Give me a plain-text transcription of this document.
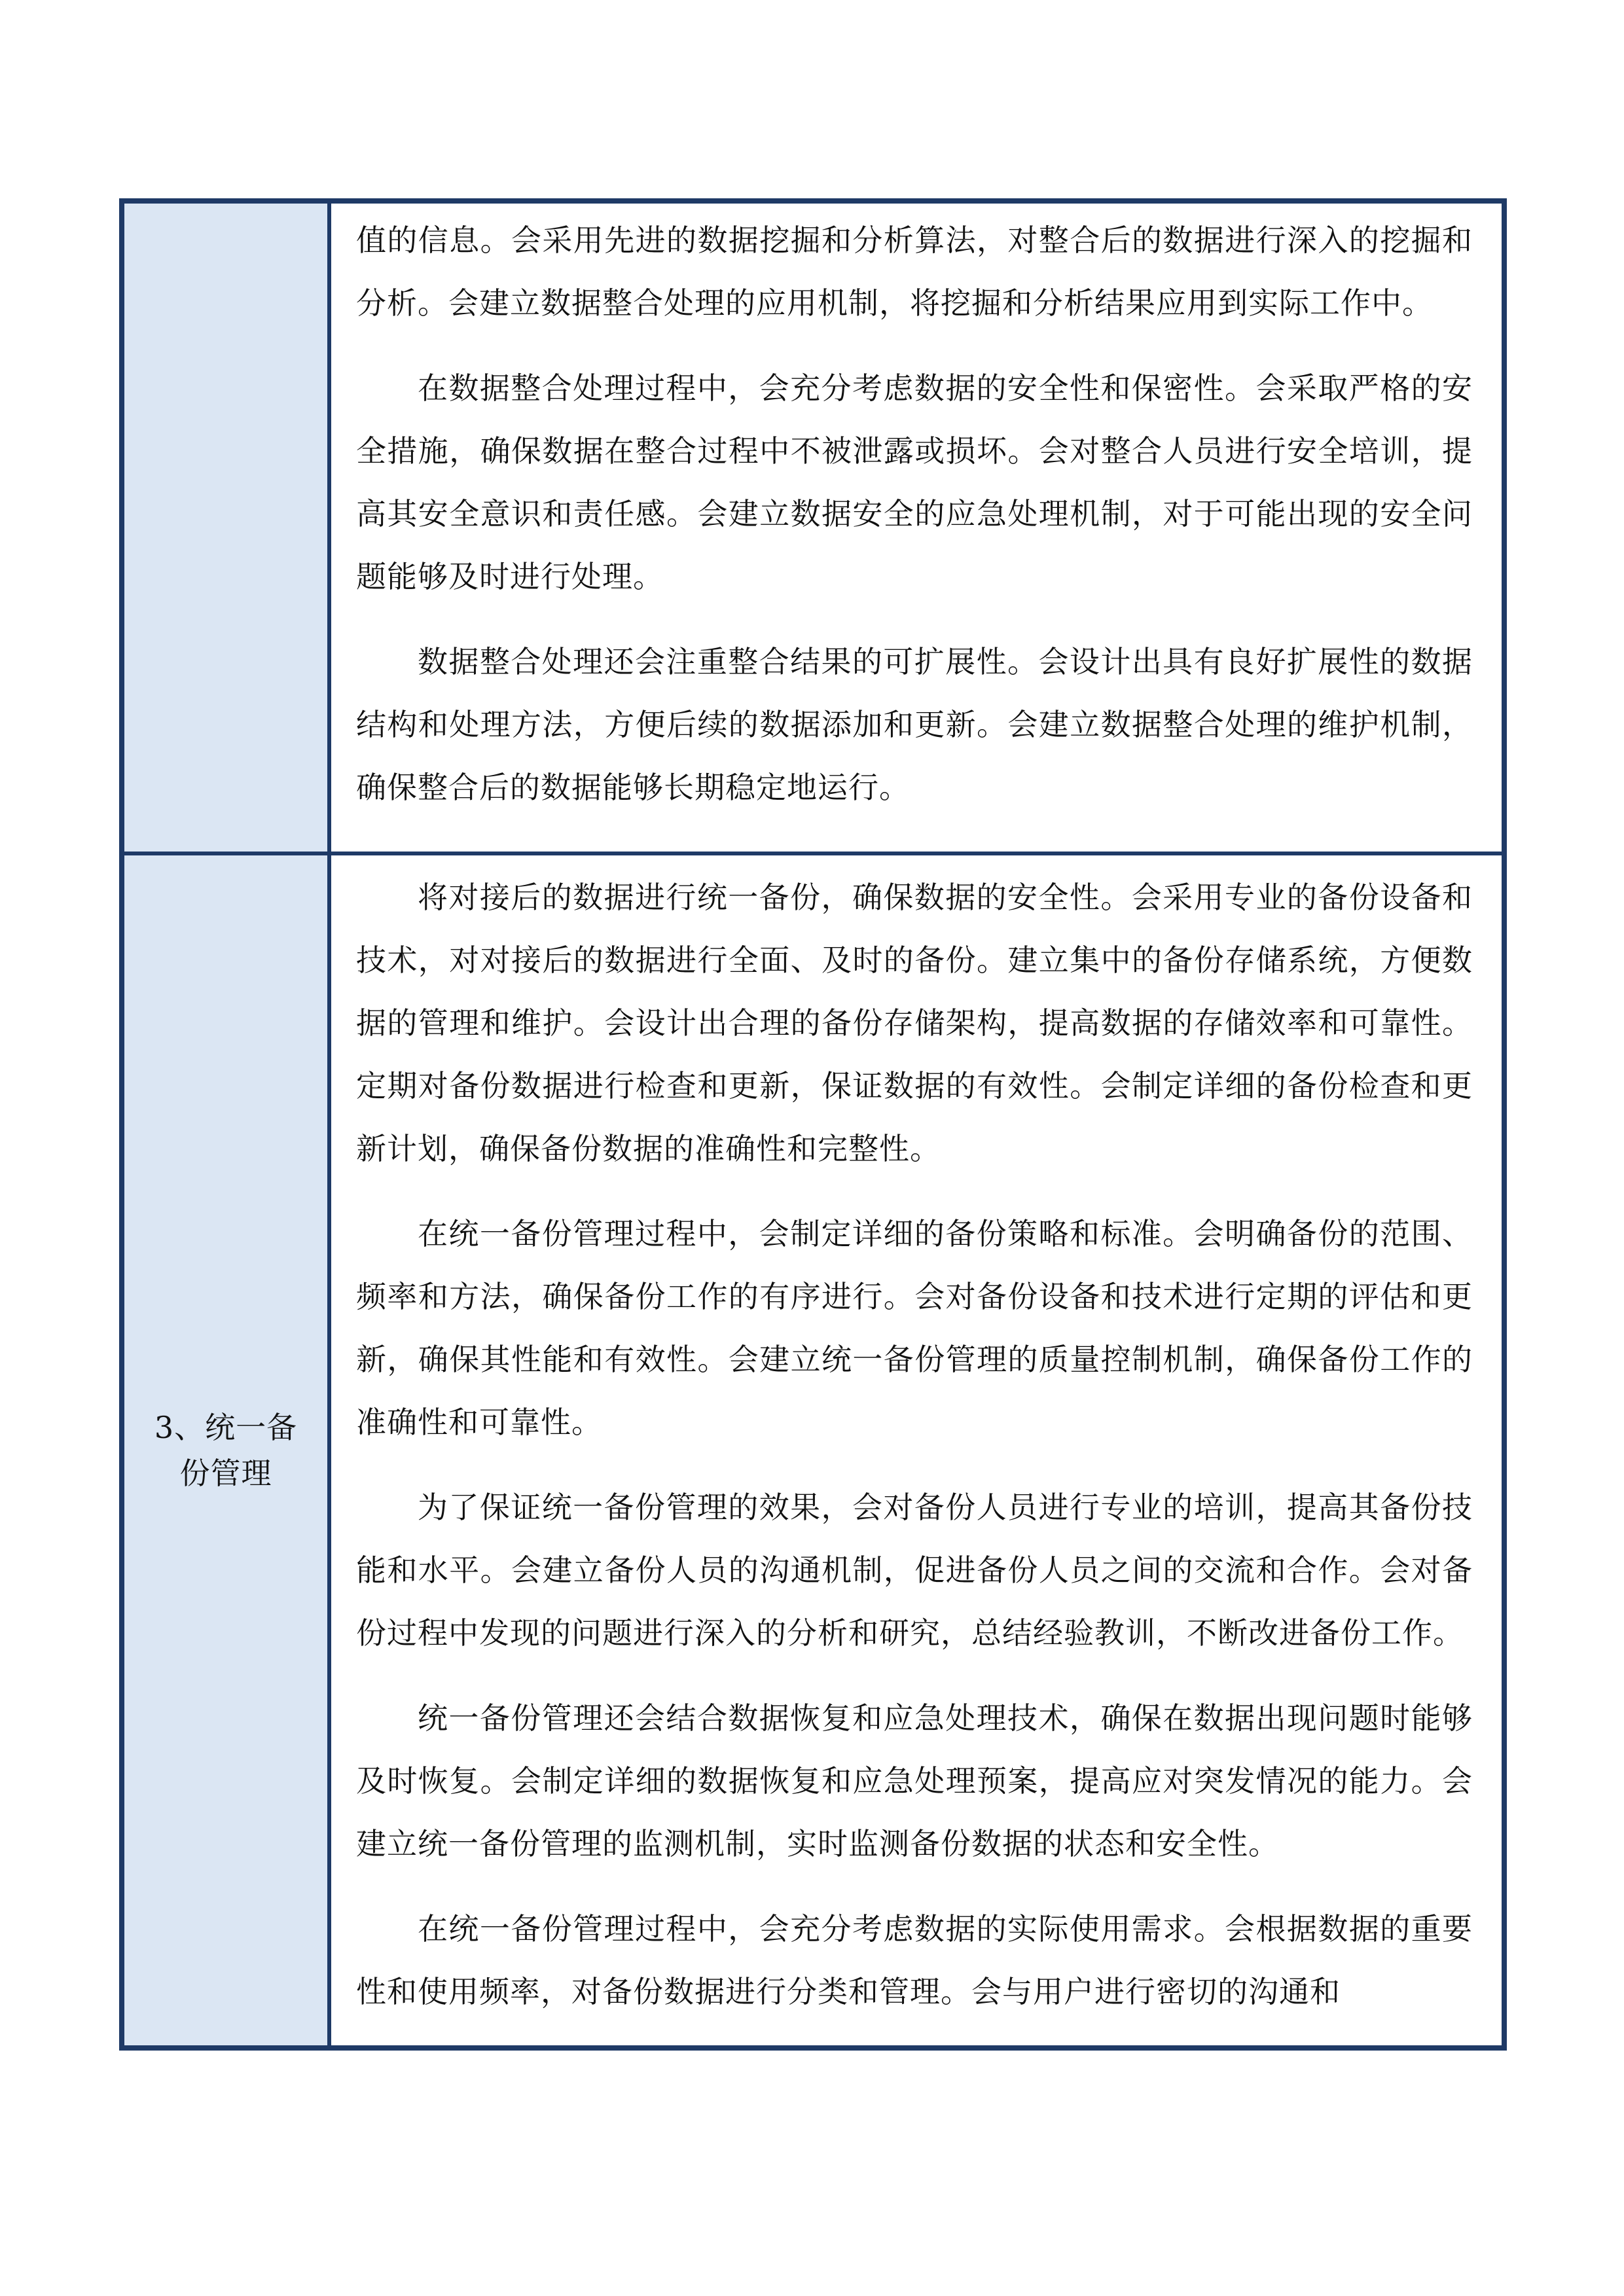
值的信息。会采用先进的数据挖掘和分析算法，对整合后的数据进行深入的挖掘和分析。会建立数据整合处理的应用机制，将挖掘和分析结果应用到实际工作中。

在数据整合处理过程中，会充分考虑数据的安全性和保密性。会采取严格的安全措施，确保数据在整合过程中不被泄露或损坏。会对整合人员进行安全培训，提高其安全意识和责任感。会建立数据安全的应急处理机制，对于可能出现的安全问题能够及时进行处理。

数据整合处理还会注重整合结果的可扩展性。会设计出具有良好扩展性的数据结构和处理方法，方便后续的数据添加和更新。会建立数据整合处理的维护机制，确保整合后的数据能够长期稳定地运行。

3、统一备份管理

将对接后的数据进行统一备份，确保数据的安全性。会采用专业的备份设备和技术，对对接后的数据进行全面、及时的备份。建立集中的备份存储系统，方便数据的管理和维护。会设计出合理的备份存储架构，提高数据的存储效率和可靠性。定期对备份数据进行检查和更新，保证数据的有效性。会制定详细的备份检查和更新计划，确保备份数据的准确性和完整性。

在统一备份管理过程中，会制定详细的备份策略和标准。会明确备份的范围、频率和方法，确保备份工作的有序进行。会对备份设备和技术进行定期的评估和更新，确保其性能和有效性。会建立统一备份管理的质量控制机制，确保备份工作的准确性和可靠性。

为了保证统一备份管理的效果，会对备份人员进行专业的培训，提高其备份技能和水平。会建立备份人员的沟通机制，促进备份人员之间的交流和合作。会对备份过程中发现的问题进行深入的分析和研究，总结经验教训，不断改进备份工作。

统一备份管理还会结合数据恢复和应急处理技术，确保在数据出现问题时能够及时恢复。会制定详细的数据恢复和应急处理预案，提高应对突发情况的能力。会建立统一备份管理的监测机制，实时监测备份数据的状态和安全性。

在统一备份管理过程中，会充分考虑数据的实际使用需求。会根据数据的重要性和使用频率，对备份数据进行分类和管理。会与用户进行密切的沟通和
